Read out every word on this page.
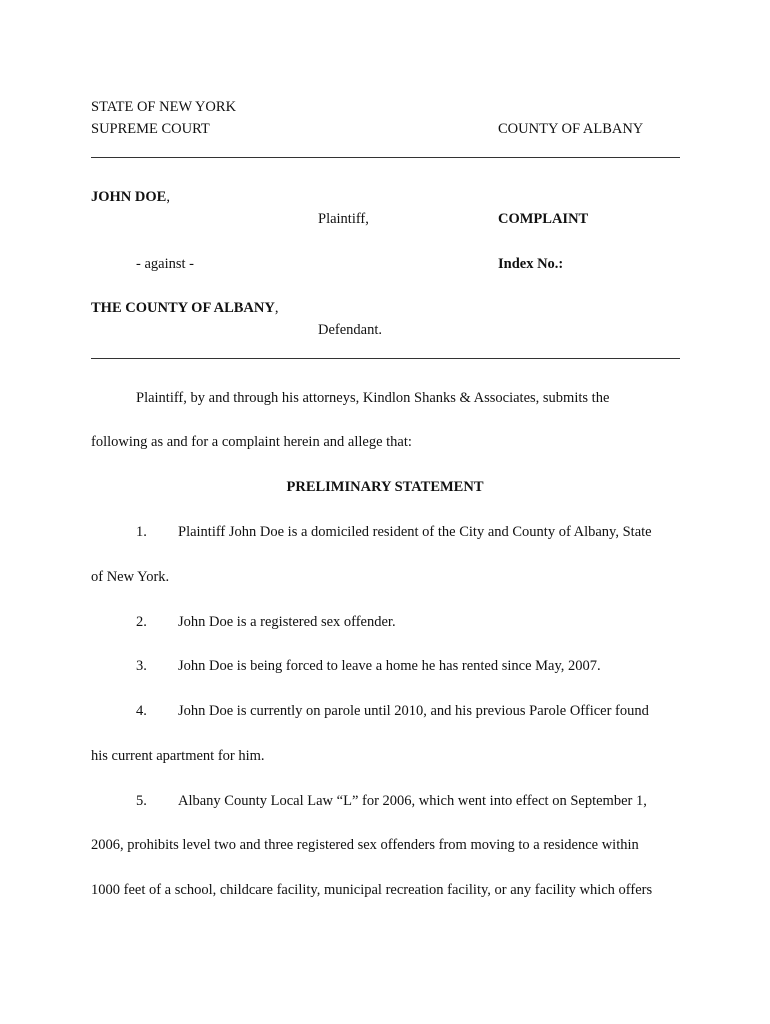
STATE OF NEW YORK
SUPREME COURT	COUNTY OF ALBANY
JOHN DOE,
Plaintiff,	COMPLAINT
- against -	Index No.:
THE COUNTY OF ALBANY,
Defendant.
Plaintiff, by and through his attorneys, Kindlon Shanks & Associates, submits the
following as and for a complaint herein and allege that:
PRELIMINARY STATEMENT
1. Plaintiff John Doe is a domiciled resident of the City and County of Albany, State
of New York.
2. John Doe is a registered sex offender.
3. John Doe is being forced to leave a home he has rented since May, 2007.
4. John Doe is currently on parole until 2010, and his previous Parole Officer found
his current apartment for him.
5. Albany County Local Law “L” for 2006, which went into effect on September 1,
2006, prohibits level two and three registered sex offenders from moving to a residence within
1000 feet of a school, childcare facility, municipal recreation facility, or any facility which offers
